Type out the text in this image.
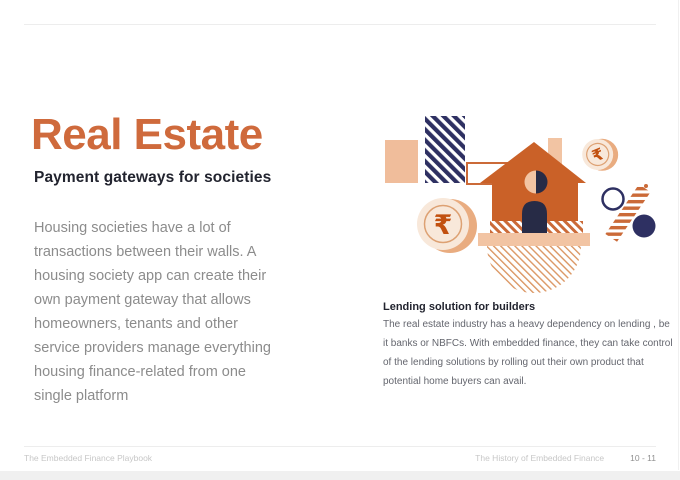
Real Estate
Payment gateways for societies
Housing societies have a lot of
transactions between their walls. A
housing society app can create their
own payment gateway that allows
homeowners, tenants and other
service providers manage everything
housing finance-related from one
single platform
₹
₹
Lending solution for builders
The real estate industry has a heavy dependency on lending , be
it banks or NBFCs. With embedded finance, they can take control
of the lending solutions by rolling out their own product that
potential home buyers can avail.
The Embedded Finance Playbook	The History of Embedded Finance	10 - 11
